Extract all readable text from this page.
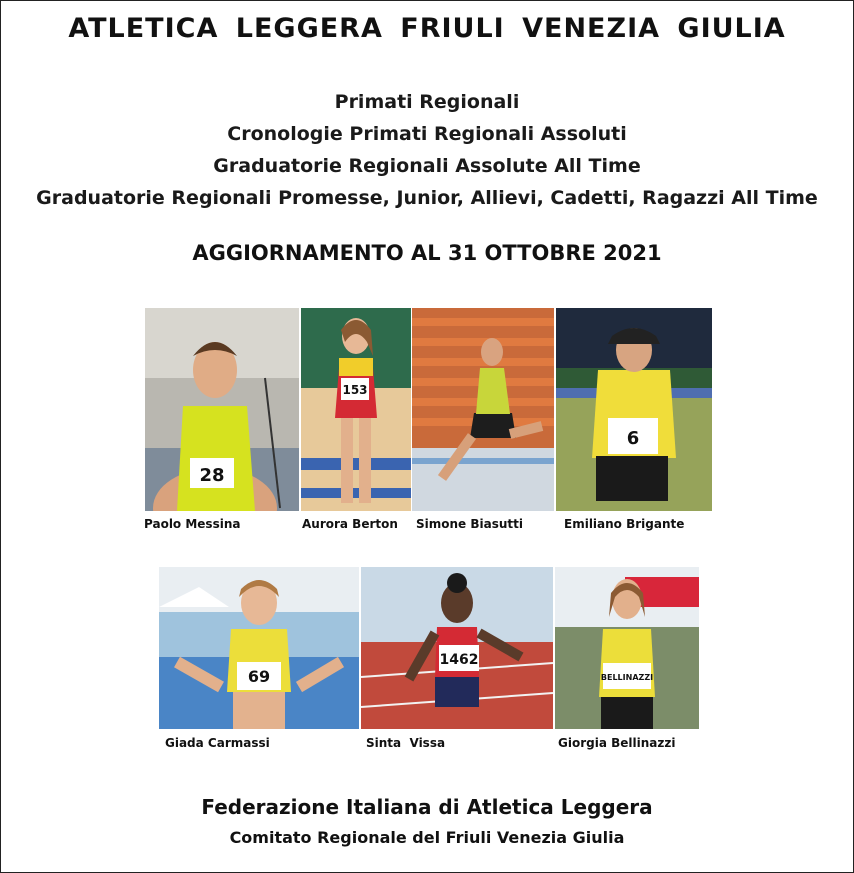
ATLETICA LEGGERA FRIULI VENEZIA GIULIA
Primati Regionali
Cronologie Primati Regionali Assoluti
Graduatorie Regionali Assolute All Time
Graduatorie Regionali Promesse, Junior, Allievi, Cadetti, Ragazzi All Time
AGGIORNAMENTO AL 31 OTTOBRE 2021
28
153
6
Paolo Messina	Aurora Berton Simone Biasutti	Emiliano Brigante
69
1462
BELLINAZZI
Giada Carmassi	Sinta  Vissa	Giorgia Bellinazzi
Federazione Italiana di Atletica Leggera
Comitato Regionale del Friuli Venezia Giulia
